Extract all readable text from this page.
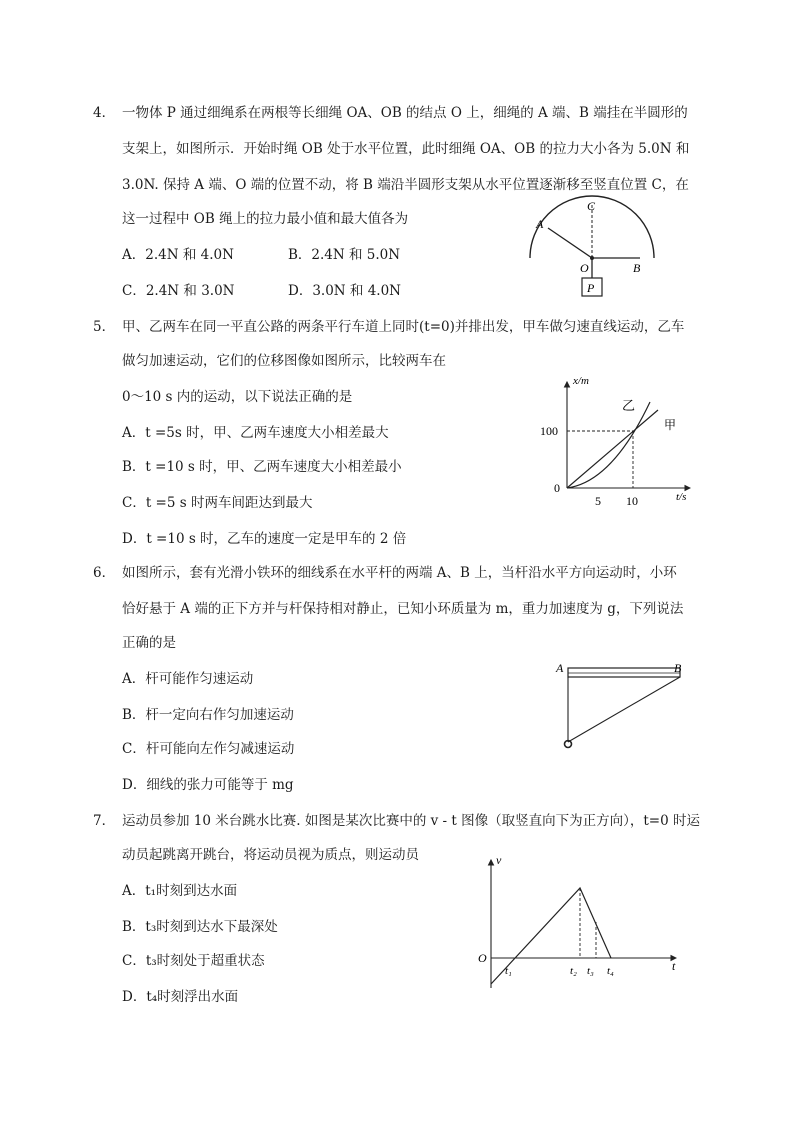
4． 一物体 P 通过细绳系在两根等长细绳 OA、OB 的结点 O 上，细绳的 A 端、B 端挂在半圆形的
支架上，如图所示．开始时绳 OB 处于水平位置，此时细绳 OA、OB 的拉力大小各为 5.0N 和
3.0N. 保持 A 端、O 端的位置不动，将 B 端沿半圆形支架从水平位置逐渐移至竖直位置 C，在
这一过程中 OB 绳上的拉力最小值和最大值各为
A．2.4N 和 4.0N	B．2.4N 和 5.0N
C．2.4N 和 3.0N	D．3.0N 和 4.0N
A
C
O	B
P
5． 甲、乙两车在同一平直公路的两条平行车道上同时(t=0)并排出发，甲车做匀速直线运动，乙车
做匀加速运动，它们的位移图像如图所示，比较两车在
0～10 s 内的运动，以下说法正确的是
A．t =5s 时，甲、乙两车速度大小相差最大
B．t =10 s 时，甲、乙两车速度大小相差最小
C．t =5 s 时两车间距达到最大
D．t =10 s 时，乙车的速度一定是甲车的 2 倍
x/m
t/s
100
0
5 10
乙
甲
6． 如图所示，套有光滑小铁环的细线系在水平杆的两端 A、B 上，当杆沿水平方向运动时，小环
恰好悬于 A 端的正下方并与杆保持相对静止，已知小环质量为 m，重力加速度为 g，下列说法
正确的是
A．杆可能作匀速运动
B．杆一定向右作匀加速运动
C．杆可能向左作匀减速运动
D．细线的张力可能等于 mg
A	B
7． 运动员参加 10 米台跳水比赛. 如图是某次比赛中的 v - t 图像（取竖直向下为正方向），t=0 时运
动员起跳离开跳台，将运动员视为质点，则运动员
A．t₁时刻到达水面
B．t₃时刻到达水下最深处
C．t₃时刻处于超重状态
D．t₄时刻浮出水面
v
t
O
t₁	t₂ t₃ t₄
